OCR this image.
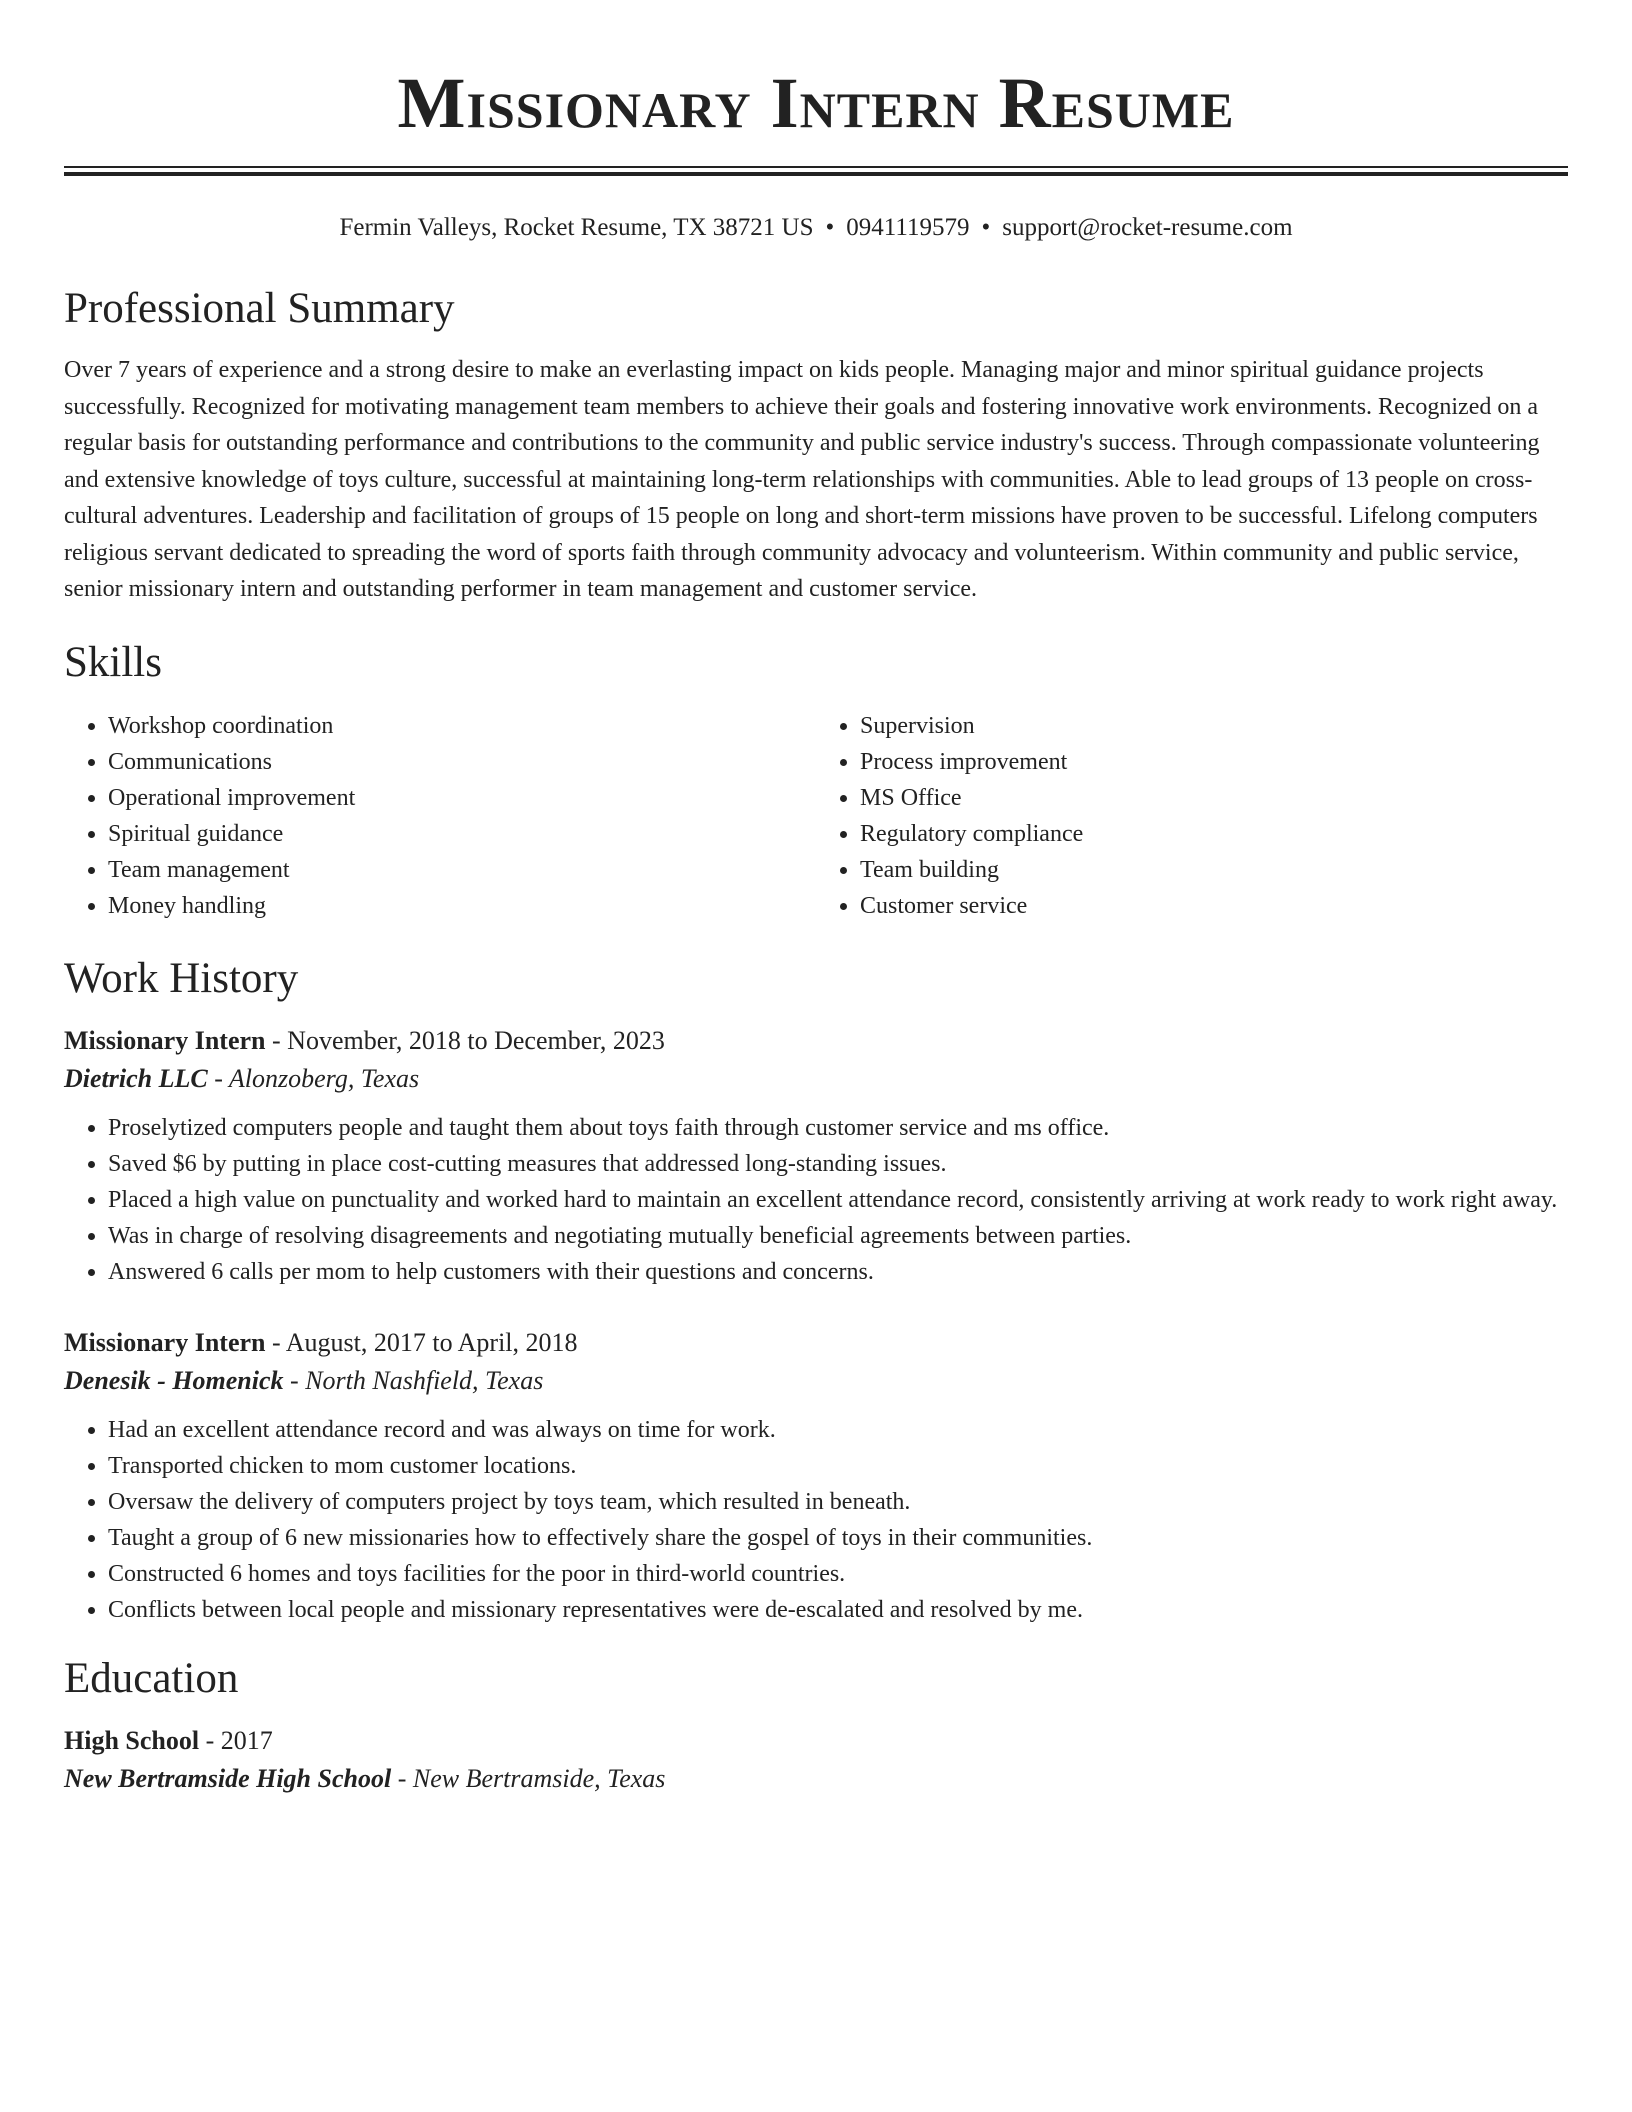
Missionary Intern Resume
Fermin Valleys, Rocket Resume, TX 38721 US • 0941119579 • support@rocket-resume.com
Professional Summary

Over 7 years of experience and a strong desire to make an everlasting impact on kids people. Managing major and minor spiritual guidance projects successfully. Recognized for motivating management team members to achieve their goals and fostering innovative work environments. Recognized on a regular basis for outstanding performance and contributions to the community and public service industry's success. Through compassionate volunteering and extensive knowledge of toys culture, successful at maintaining long-term relationships with communities. Able to lead groups of 13 people on cross-cultural adventures. Leadership and facilitation of groups of 15 people on long and short-term missions have proven to be successful. Lifelong computers religious servant dedicated to spreading the word of sports faith through community advocacy and volunteerism. Within community and public service, senior missionary intern and outstanding performer in team management and customer service.

Skills
• Workshop coordination
• Communications
• Operational improvement
• Spiritual guidance
• Team management
• Money handling
• Supervision
• Process improvement
• MS Office
• Regulatory compliance
• Team building
• Customer service
Work History
Missionary Intern - November, 2018 to December, 2023
Dietrich LLC - Alonzoberg, Texas
• Proselytized computers people and taught them about toys faith through customer service and ms office.
• Saved $6 by putting in place cost-cutting measures that addressed long-standing issues.
• Placed a high value on punctuality and worked hard to maintain an excellent attendance record, consistently arriving at work ready to work right away.
• Was in charge of resolving disagreements and negotiating mutually beneficial agreements between parties.
• Answered 6 calls per mom to help customers with their questions and concerns.
Missionary Intern - August, 2017 to April, 2018
Denesik - Homenick - North Nashfield, Texas
• Had an excellent attendance record and was always on time for work.
• Transported chicken to mom customer locations.
• Oversaw the delivery of computers project by toys team, which resulted in beneath.
• Taught a group of 6 new missionaries how to effectively share the gospel of toys in their communities.
• Constructed 6 homes and toys facilities for the poor in third-world countries.
• Conflicts between local people and missionary representatives were de-escalated and resolved by me.
Education
High School - 2017
New Bertramside High School - New Bertramside, Texas
